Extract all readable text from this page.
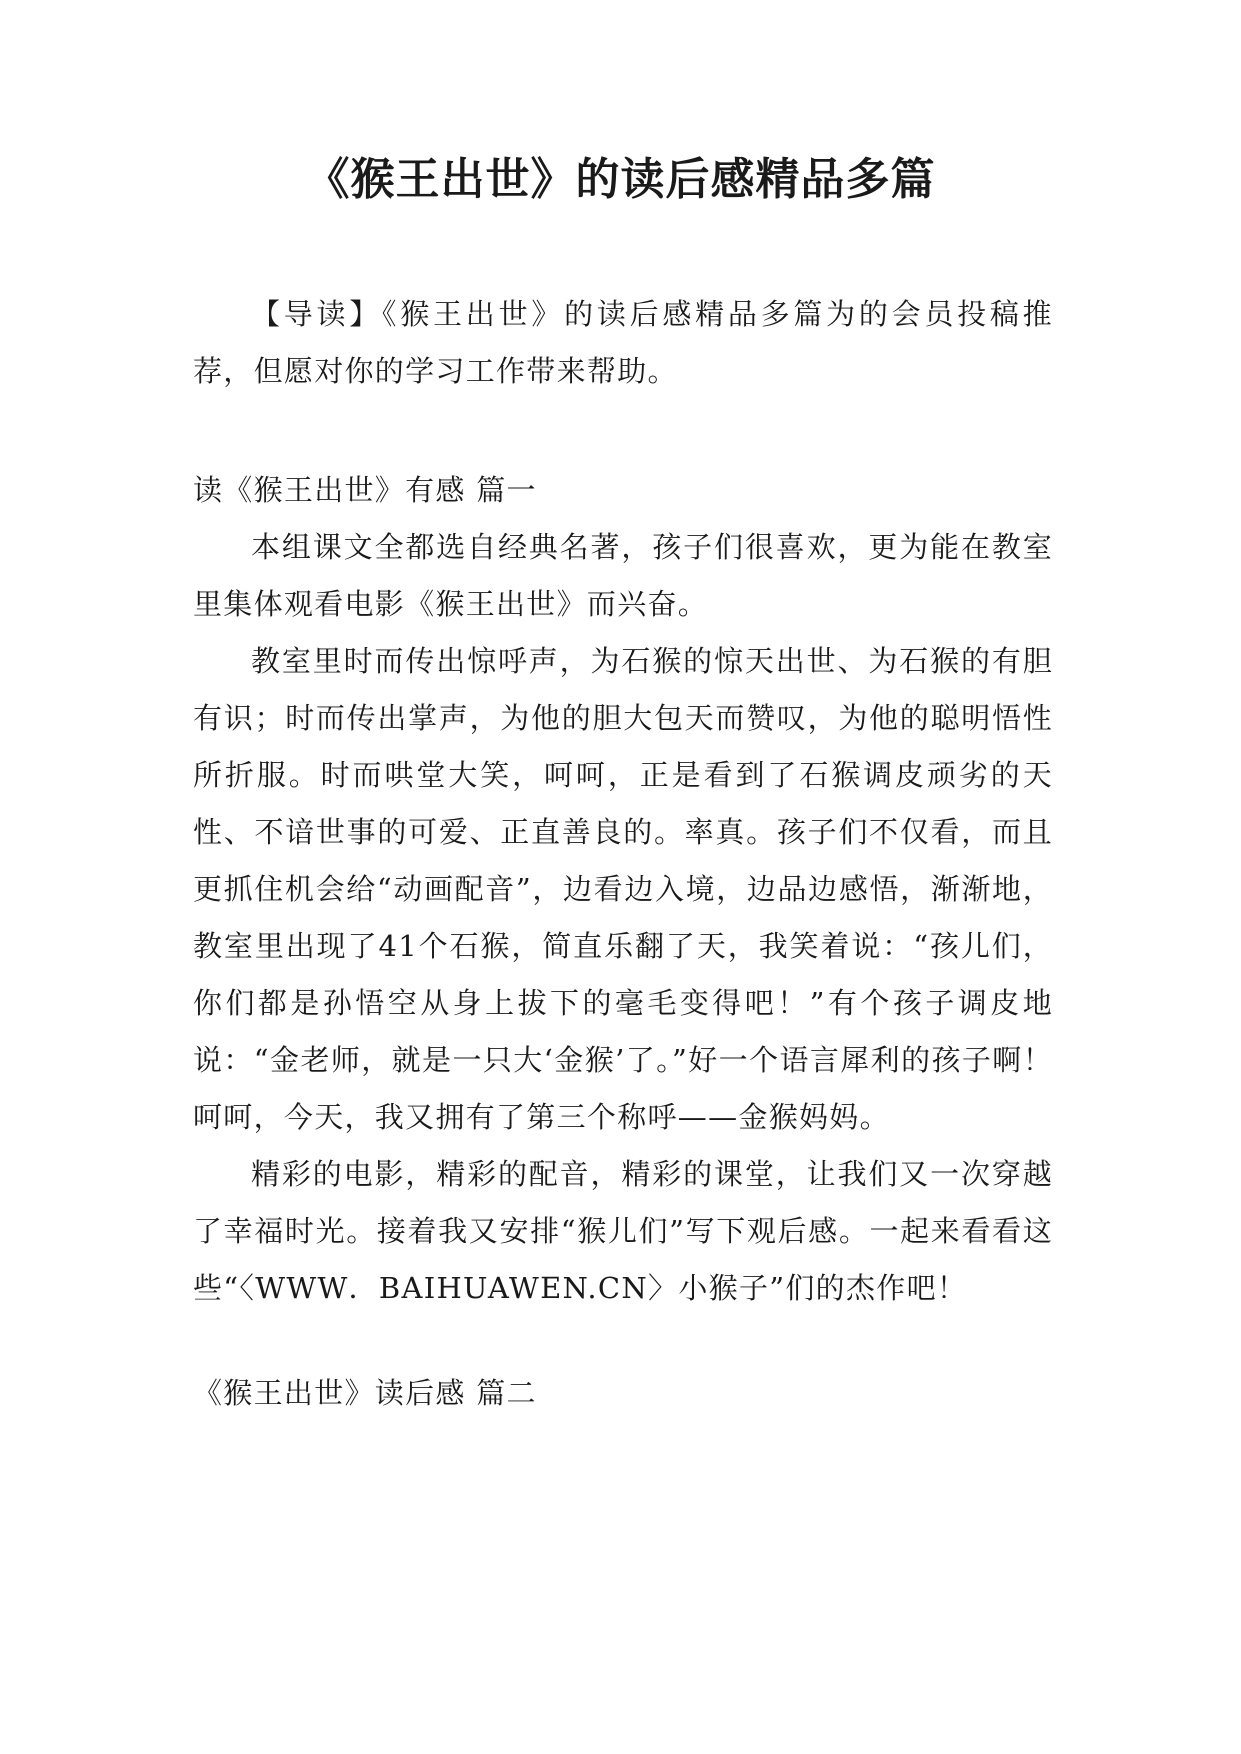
《猴王出世》的读后感精品多篇

【导读】《猴王出世》的读后感精品多篇为的会员投稿推荐，但愿对你的学习工作带来帮助。

读《猴王出世》有感 篇一

本组课文全都选自经典名著，孩子们很喜欢，更为能在教室里集体观看电影《猴王出世》而兴奋。

教室里时而传出惊呼声，为石猴的惊天出世、为石猴的有胆有识；时而传出掌声，为他的胆大包天而赞叹，为他的聪明悟性所折服。时而哄堂大笑，呵呵，正是看到了石猴调皮顽劣的天性、不谙世事的可爱、正直善良的。率真。孩子们不仅看，而且更抓住机会给“动画配音”，边看边入境，边品边感悟，渐渐地，教室里出现了41个石猴，简直乐翻了天，我笑着说：“孩儿们，你们都是孙悟空从身上拔下的毫毛变得吧！”有个孩子调皮地说：“金老师，就是一只大‘金猴’了。”好一个语言犀利的孩子啊！呵呵，今天，我又拥有了第三个称呼——金猴妈妈。

精彩的电影，精彩的配音，精彩的课堂，让我们又一次穿越了幸福时光。接着我又安排“猴儿们”写下观后感。一起来看看这些“〈WWW．BAIHUAWEN.CN〉小猴子”们的杰作吧！

《猴王出世》读后感 篇二
